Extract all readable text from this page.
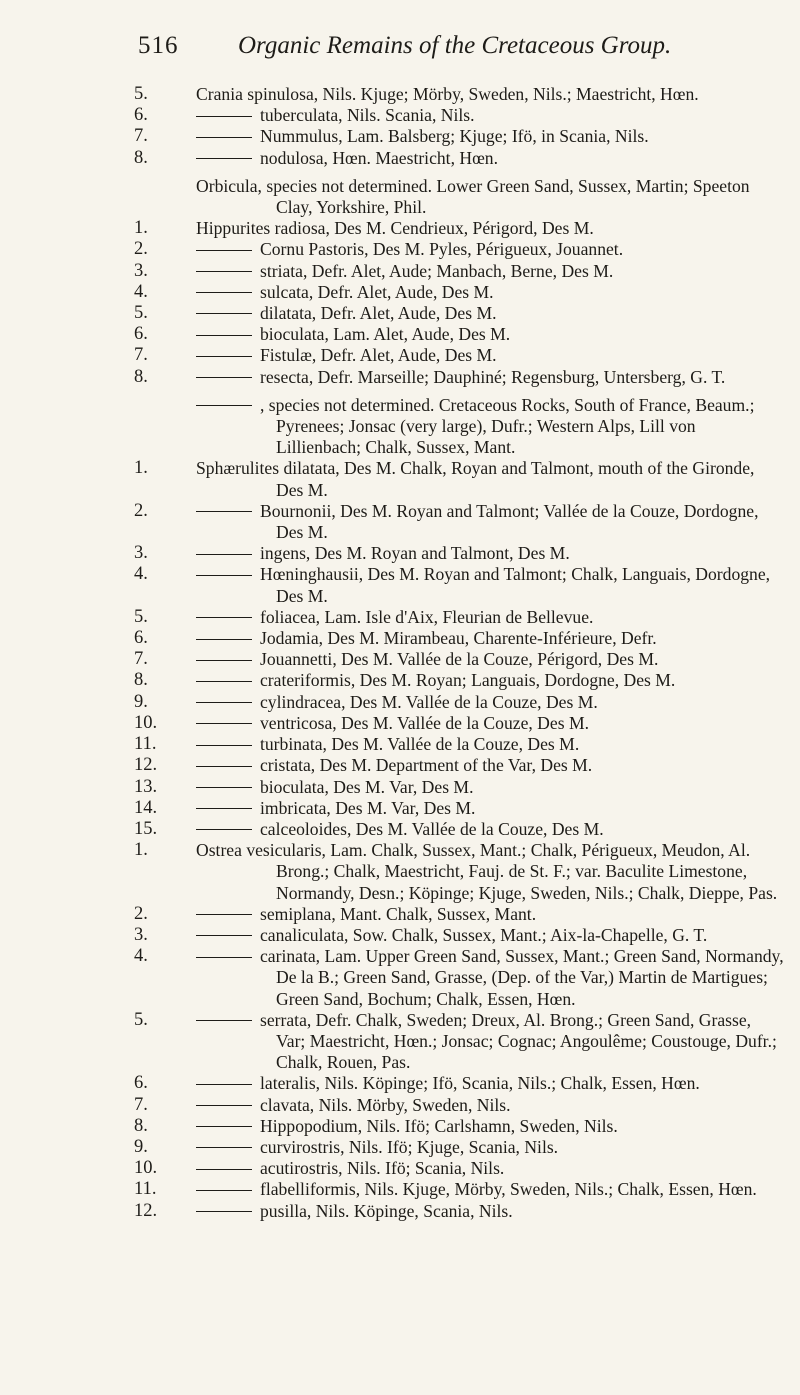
516 Organic Remains of the Cretaceous Group.
5.	Crania spinulosa, Nils. Kjuge; Mörby, Sweden, Nils.; Maestricht, Hœn.
6.	tuberculata, Nils. Scania, Nils.
7.	Nummulus, Lam. Balsberg; Kjuge; Ifö, in Scania, Nils.
8.	nodulosa, Hœn. Maestricht, Hœn.
Orbicula, species not determined. Lower Green Sand, Sussex, Martin; Speeton Clay, Yorkshire, Phil.
1.	Hippurites radiosa, Des M. Cendrieux, Périgord, Des M.
2.	Cornu Pastoris, Des M. Pyles, Périgueux, Jouannet.
3.	striata, Defr. Alet, Aude; Manbach, Berne, Des M.
4.	sulcata, Defr. Alet, Aude, Des M.
5.	dilatata, Defr. Alet, Aude, Des M.
6.	bioculata, Lam. Alet, Aude, Des M.
7.	Fistulæ, Defr. Alet, Aude, Des M.
8.	resecta, Defr. Marseille; Dauphiné; Regensburg, Untersberg, G. T.
, species not determined. Cretaceous Rocks, South of France, Beaum.; Pyrenees; Jonsac (very large), Dufr.; Western Alps, Lill von Lillienbach; Chalk, Sussex, Mant.
1.	Sphærulites dilatata, Des M. Chalk, Royan and Talmont, mouth of the Gironde, Des M.
2.	Bournonii, Des M. Royan and Talmont; Vallée de la Couze, Dordogne, Des M.
3.	ingens, Des M. Royan and Talmont, Des M.
4.	Hœninghausii, Des M. Royan and Talmont; Chalk, Languais, Dordogne, Des M.
5.	foliacea, Lam. Isle d'Aix, Fleurian de Bellevue.
6.	Jodamia, Des M. Mirambeau, Charente-Inférieure, Defr.
7.	Jouannetti, Des M. Vallée de la Couze, Périgord, Des M.
8.	crateriformis, Des M. Royan; Languais, Dordogne, Des M.
9.	cylindracea, Des M. Vallée de la Couze, Des M.
10.	ventricosa, Des M. Vallée de la Couze, Des M.
11.	turbinata, Des M. Vallée de la Couze, Des M.
12.	cristata, Des M. Department of the Var, Des M.
13.	bioculata, Des M. Var, Des M.
14.	imbricata, Des M. Var, Des M.
15.	calceoloides, Des M. Vallée de la Couze, Des M.
1.	Ostrea vesicularis, Lam. Chalk, Sussex, Mant.; Chalk, Périgueux, Meudon, Al. Brong.; Chalk, Maestricht, Fauj. de St. F.; var. Baculite Limestone, Normandy, Desn.; Köpinge; Kjuge, Sweden, Nils.; Chalk, Dieppe, Pas.
2.	semiplana, Mant. Chalk, Sussex, Mant.
3.	canaliculata, Sow. Chalk, Sussex, Mant.; Aix-la-Chapelle, G. T.
4.	carinata, Lam. Upper Green Sand, Sussex, Mant.; Green Sand, Normandy, De la B.; Green Sand, Grasse, (Dep. of the Var,) Martin de Martigues; Green Sand, Bochum; Chalk, Essen, Hœn.
5.	serrata, Defr. Chalk, Sweden; Dreux, Al. Brong.; Green Sand, Grasse, Var; Maestricht, Hœn.; Jonsac; Cognac; Angoulême; Coustouge, Dufr.; Chalk, Rouen, Pas.
6.	lateralis, Nils. Köpinge; Ifö, Scania, Nils.; Chalk, Essen, Hœn.
7.	clavata, Nils. Mörby, Sweden, Nils.
8.	Hippopodium, Nils. Ifö; Carlshamn, Sweden, Nils.
9.	curvirostris, Nils. Ifö; Kjuge, Scania, Nils.
10.	acutirostris, Nils. Ifö; Scania, Nils.
11.	flabelliformis, Nils. Kjuge, Mörby, Sweden, Nils.; Chalk, Essen, Hœn.
12.	pusilla, Nils. Köpinge, Scania, Nils.
